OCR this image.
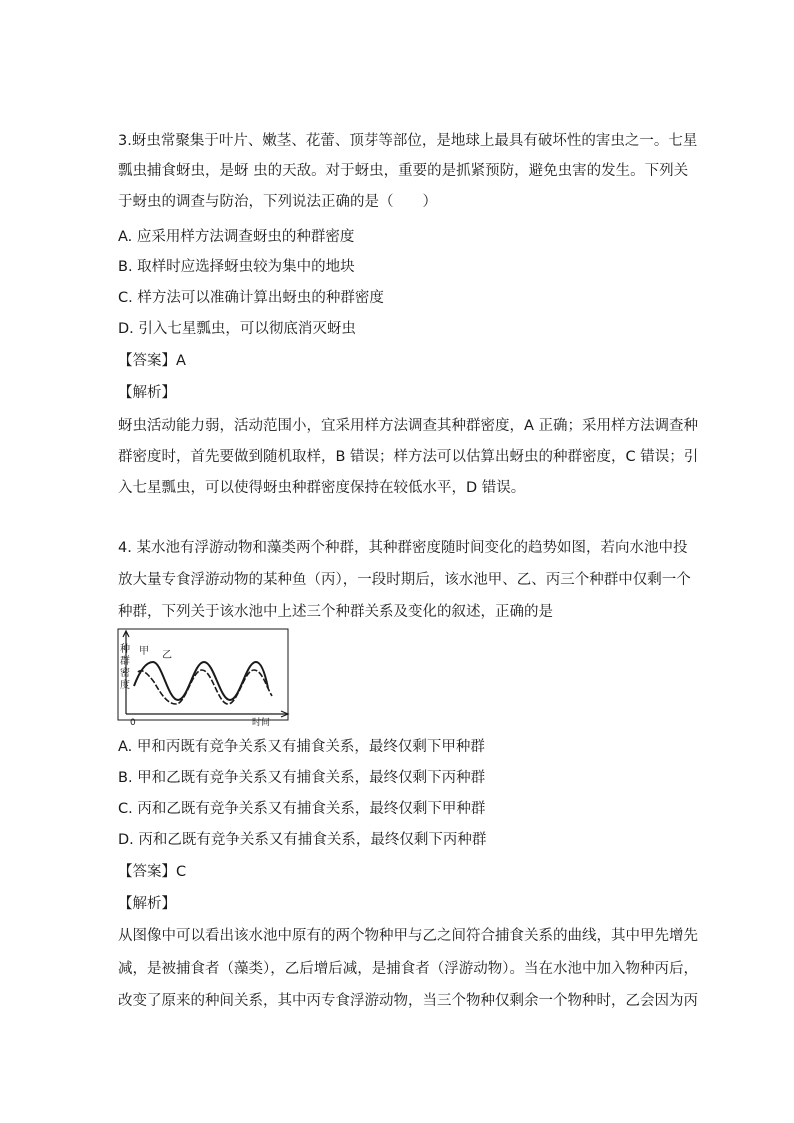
3.蚜虫常聚集于叶片、嫩茎、花蕾、顶芽等部位，是地球上最具有破坏性的害虫之一。七星
瓢虫捕食蚜虫，是蚜 虫的天敌。对于蚜虫，重要的是抓紧预防，避免虫害的发生。下列关
于蚜虫的调查与防治，下列说法正确的是（　　）
A. 应采用样方法调查蚜虫的种群密度
B. 取样时应选择蚜虫较为集中的地块
C. 样方法可以准确计算出蚜虫的种群密度
D. 引入七星瓢虫，可以彻底消灭蚜虫
【答案】A
【解析】
蚜虫活动能力弱，活动范围小，宜采用样方法调查其种群密度，A 正确；采用样方法调查种
群密度时，首先要做到随机取样，B 错误；样方法可以估算出蚜虫的种群密度，C 错误；引
入七星瓢虫，可以使得蚜虫种群密度保持在较低水平，D 错误。
4. 某水池有浮游动物和藻类两个种群，其种群密度随时间变化的趋势如图，若向水池中投
放大量专食浮游动物的某种鱼（丙），一段时期后，该水池甲、乙、丙三个种群中仅剩一个
种群，下列关于该水池中上述三个种群关系及变化的叙述，正确的是
种
群
密
度
0	时间
甲 乙
A. 甲和丙既有竞争关系又有捕食关系，最终仅剩下甲种群
B. 甲和乙既有竞争关系又有捕食关系，最终仅剩下丙种群
C. 丙和乙既有竞争关系又有捕食关系，最终仅剩下甲种群
D. 丙和乙既有竞争关系又有捕食关系，最终仅剩下丙种群
【答案】C
【解析】
从图像中可以看出该水池中原有的两个物种甲与乙之间符合捕食关系的曲线，其中甲先增先
减，是被捕食者（藻类），乙后增后减，是捕食者（浮游动物）。当在水池中加入物种丙后，
改变了原来的种间关系，其中丙专食浮游动物，当三个物种仅剩余一个物种时，乙会因为丙
